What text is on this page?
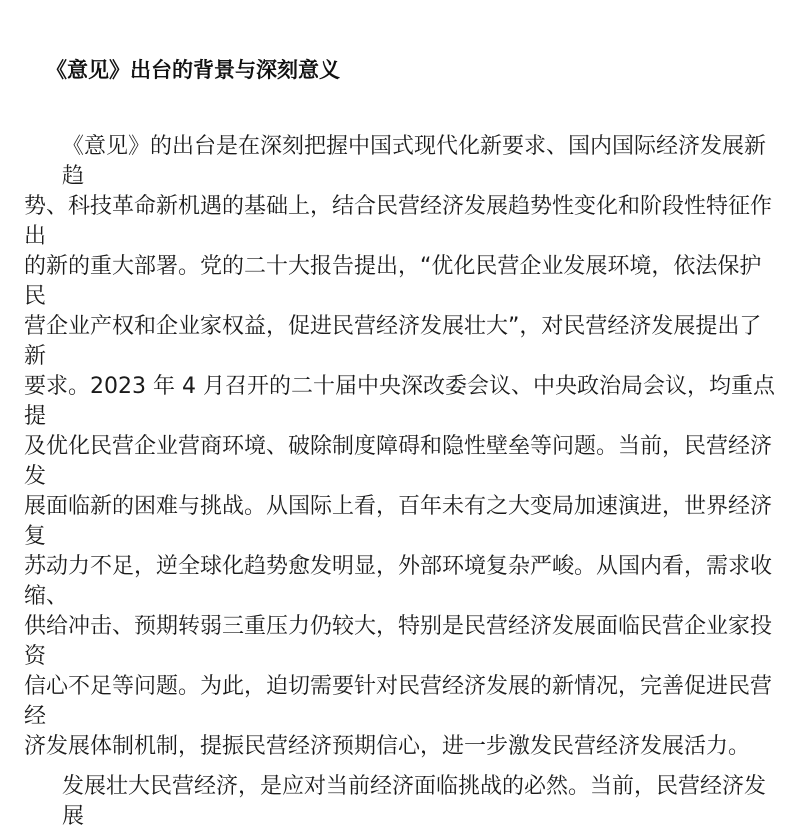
《意见》出台的背景与深刻意义
《意见》的出台是在深刻把握中国式现代化新要求、国内国际经济发展新趋
势、科技革命新机遇的基础上，结合民营经济发展趋势性变化和阶段性特征作出
的新的重大部署。党的二十大报告提出，“优化民营企业发展环境，依法保护民
营企业产权和企业家权益，促进民营经济发展壮大”，对民营经济发展提出了新
要求。2023 年 4 月召开的二十届中央深改委会议、中央政治局会议，均重点提
及优化民营企业营商环境、破除制度障碍和隐性壁垒等问题。当前，民营经济发
展面临新的困难与挑战。从国际上看，百年未有之大变局加速演进，世界经济复
苏动力不足，逆全球化趋势愈发明显，外部环境复杂严峻。从国内看，需求收缩、
供给冲击、预期转弱三重压力仍较大，特别是民营经济发展面临民营企业家投资
信心不足等问题。为此，迫切需要针对民营经济发展的新情况，完善促进民营经
济发展体制机制，提振民营经济预期信心，进一步激发民营经济发展活力。
发展壮大民营经济，是应对当前经济面临挑战的必然。当前，民营经济发展
